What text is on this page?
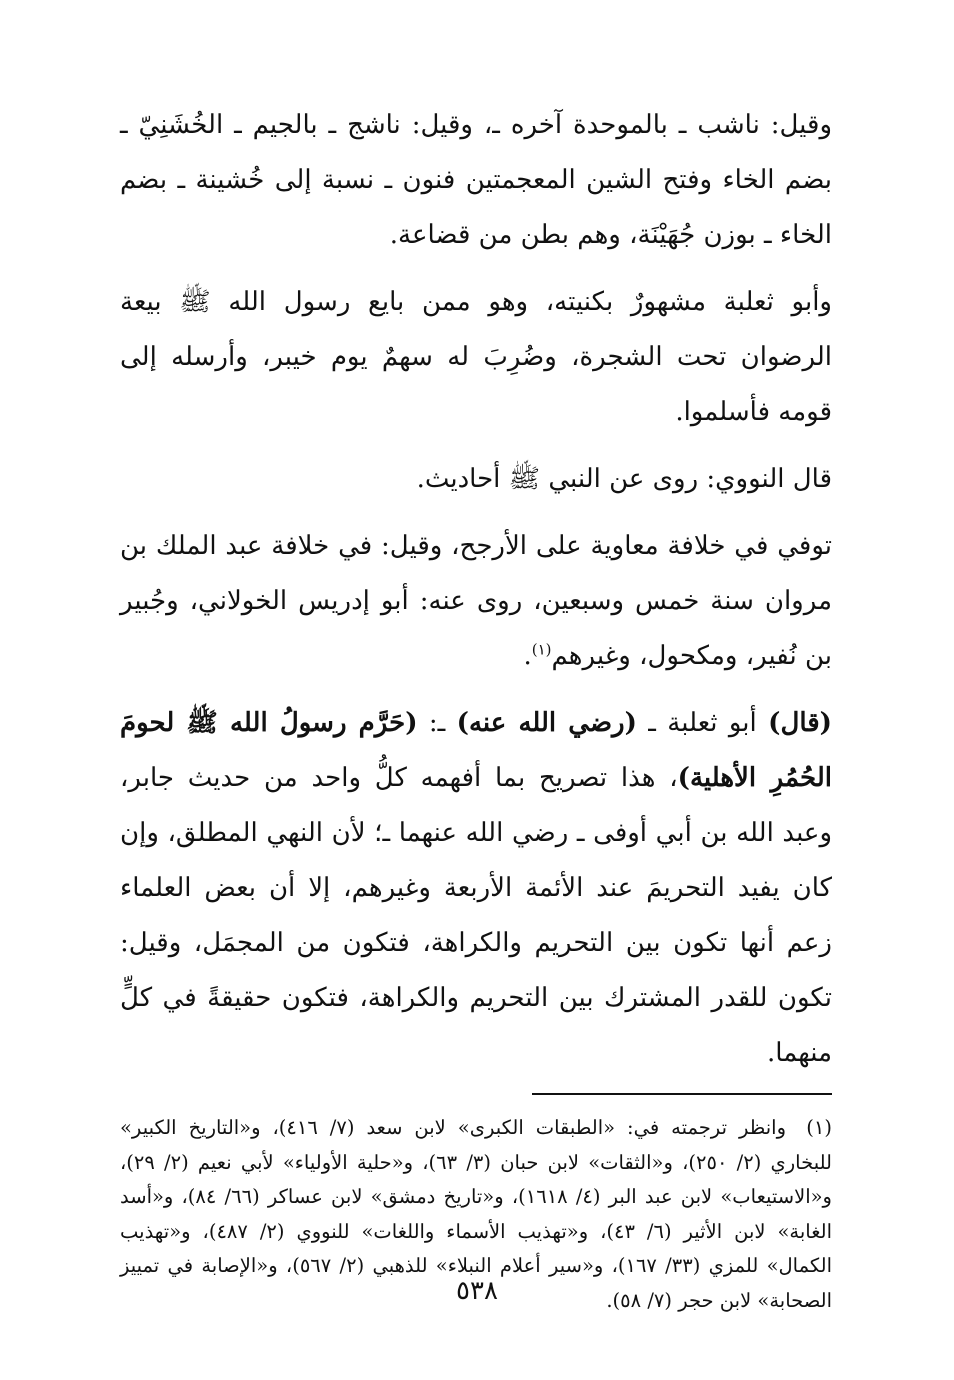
وقيل: ناشب ـ بالموحدة آخره ـ، وقيل: ناشج ـ بالجيم ـ الخُشَنِيّ ـ بضم الخاء وفتح الشين المعجمتين فنون ـ نسبة إلى خُشينة ـ بضم الخاء ـ بوزن جُهَيْنَة، وهم بطن من قضاعة.

وأبو ثعلبة مشهورٌ بكنيته، وهو ممن بايع رسول الله ﷺ بيعة الرضوان تحت الشجرة، وضُرِبَ له سهمٌ يوم خيبر، وأرسله إلى قومه فأسلموا.

قال النووي: روى عن النبي ﷺ أحاديث.

توفي في خلافة معاوية على الأرجح، وقيل: في خلافة عبد الملك بن مروان سنة خمس وسبعين، روى عنه: أبو إدريس الخولاني، وجُبير بن نُفير، ومكحول، وغيرهم$^{(١)}$.

(قال) أبو ثعلبة ـ (رضي الله عنه) ـ: (حَرَّم رسولُ الله ﷺ لحومَ الحُمُرِ الأهلية)، هذا تصريح بما أفهمه كلُّ واحد من حديث جابر، وعبد الله بن أبي أوفى ـ رضي الله عنهما ـ؛ لأن النهي المطلق، وإن كان يفيد التحريمَ عند الأئمة الأربعة وغيرهم، إلا أن بعض العلماء زعم أنها تكون بين التحريم والكراهة، فتكون من المجمَل، وقيل: تكون للقدر المشترك بين التحريم والكراهة، فتكون حقيقةً في كلٍّ منهما.

(١) وانظر ترجمته في: «الطبقات الكبرى» لابن سعد (٧/ ٤١٦)، و«التاريخ الكبير» للبخاري (٢/ ٢٥٠)، و«الثقات» لابن حبان (٣/ ٦٣)، و«حلية الأولياء» لأبي نعيم (٢/ ٢٩)، و«الاستيعاب» لابن عبد البر (٤/ ١٦١٨)، و«تاريخ دمشق» لابن عساكر (٦٦/ ٨٤)، و«أسد الغابة» لابن الأثير (٦/ ٤٣)، و«تهذيب الأسماء واللغات» للنووي (٢/ ٤٨٧)، و«تهذيب الكمال» للمزي (٣٣/ ١٦٧)، و«سير أعلام النبلاء» للذهبي (٢/ ٥٦٧)، و«الإصابة في تمييز الصحابة» لابن حجر (٧/ ٥٨).

٥٣٨
